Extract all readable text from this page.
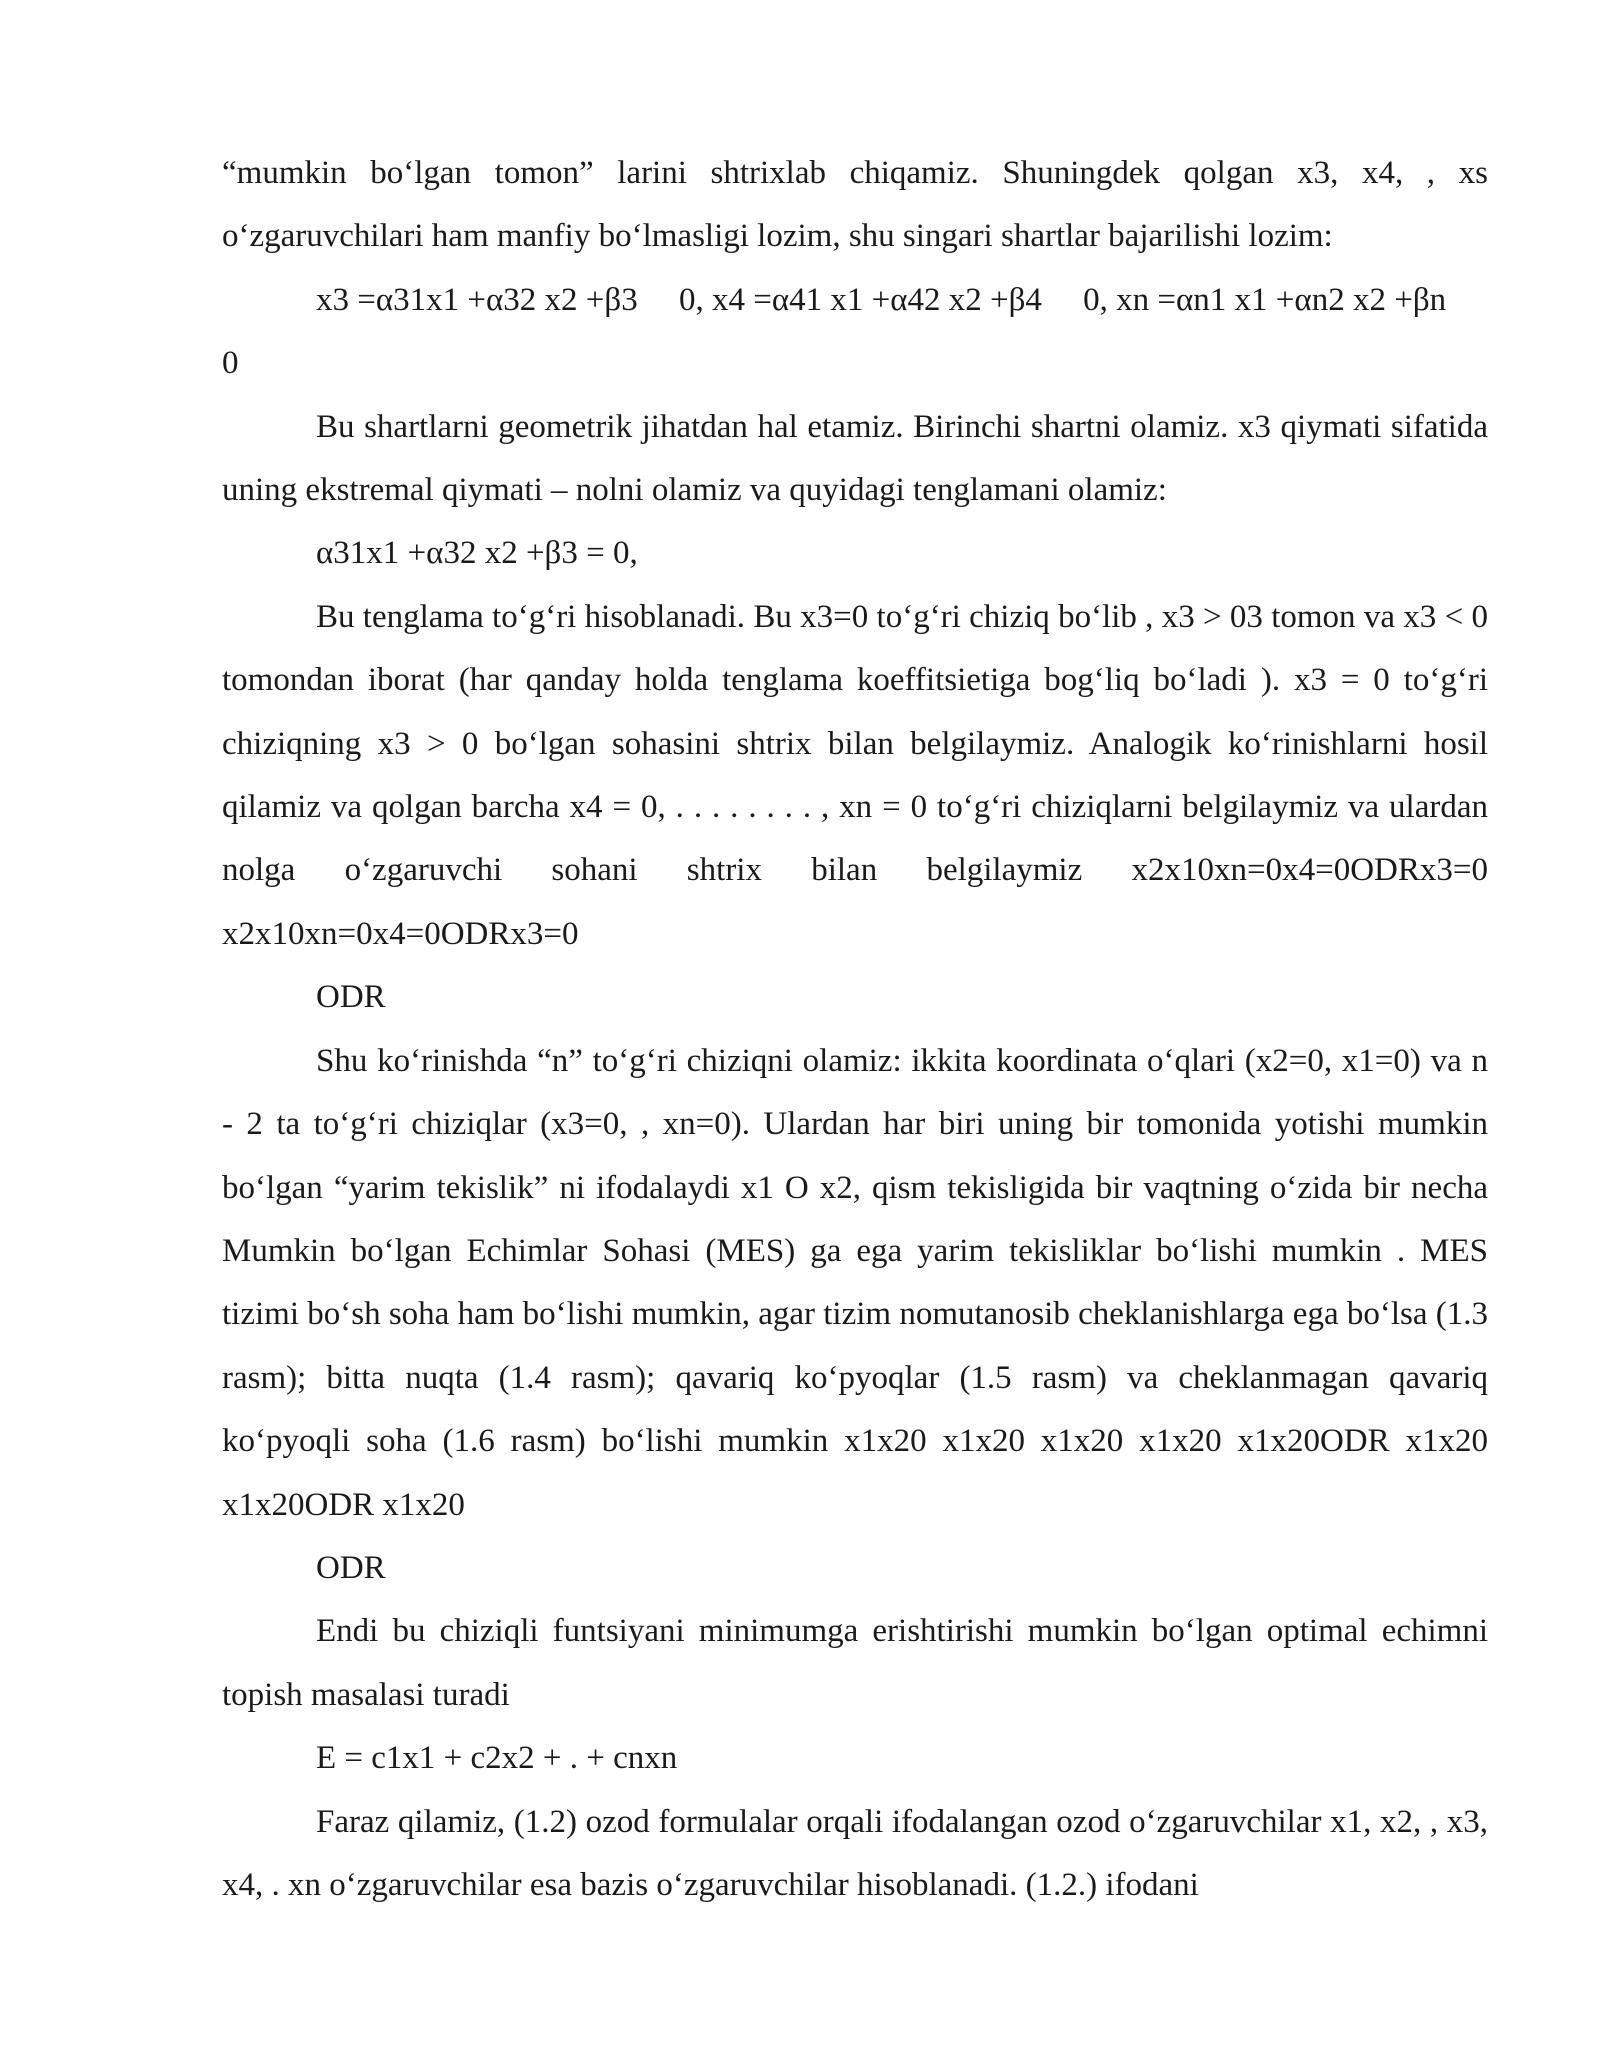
“mumkin bo‘lgan tomon” larini shtrixlab chiqamiz. Shuningdek qolgan x3, x4, , xs o‘zgaruvchilari ham manfiy bo‘lmasligi lozim, shu singari shartlar bajarilishi lozim:

x3 =α31x1 +α32 x2 +β3     0, x4 =α41 x1 +α42 x2 +β4     0, xn =αn1 x1 +αn2 x2 +βn     0

Bu shartlarni geometrik jihatdan hal etamiz. Birinchi shartni olamiz. x3 qiymati sifatida uning ekstremal qiymati – nolni olamiz va quyidagi tenglamani olamiz:

α31x1 +α32 x2 +β3 = 0,

Bu tenglama to‘g‘ri hisoblanadi. Bu x3=0 to‘g‘ri chiziq bo‘lib , x3 > 03 tomon va x3 < 0 tomondan iborat (har qanday holda tenglama koeffitsietiga bog‘liq bo‘ladi ). x3 = 0 to‘g‘ri chiziqning x3 > 0 bo‘lgan sohasini shtrix bilan belgilaymiz. Analogik ko‘rinishlarni hosil qilamiz va qolgan barcha x4 = 0, . . . . . . . . , xn = 0 to‘g‘ri chiziqlarni belgilaymiz va ulardan nolga o‘zgaruvchi sohani shtrix bilan belgilaymiz x2x10xn=0x4=0ODRx3=0 x2x10xn=0x4=0ODRx3=0

ODR

Shu ko‘rinishda “n” to‘g‘ri chiziqni olamiz: ikkita koordinata o‘qlari (x2=0, x1=0) va n - 2 ta to‘g‘ri chiziqlar (x3=0, , xn=0). Ulardan har biri uning bir tomonida yotishi mumkin bo‘lgan “yarim tekislik” ni ifodalaydi x1 O x2, qism tekisligida bir vaqtning o‘zida bir necha Mumkin bo‘lgan Echimlar Sohasi (MES) ga ega yarim tekisliklar bo‘lishi mumkin . MES tizimi bo‘sh soha ham bo‘lishi mumkin, agar tizim nomutanosib cheklanishlarga ega bo‘lsa (1.3 rasm); bitta nuqta (1.4 rasm); qavariq ko‘pyoqlar (1.5 rasm) va cheklanmagan qavariq ko‘pyoqli soha (1.6 rasm) bo‘lishi mumkin x1x20 x1x20 x1x20 x1x20 x1x20ODR x1x20 x1x20ODR x1x20

ODR

Endi bu chiziqli funtsiyani minimumga erishtirishi mumkin bo‘lgan optimal echimni topish masalasi turadi

E = c1x1 + c2x2 + . + cnxn

Faraz qilamiz, (1.2) ozod formulalar orqali ifodalangan ozod o‘zgaruvchilar x1, x2, , x3, x4, . xn o‘zgaruvchilar esa bazis o‘zgaruvchilar hisoblanadi. (1.2.) ifodani
